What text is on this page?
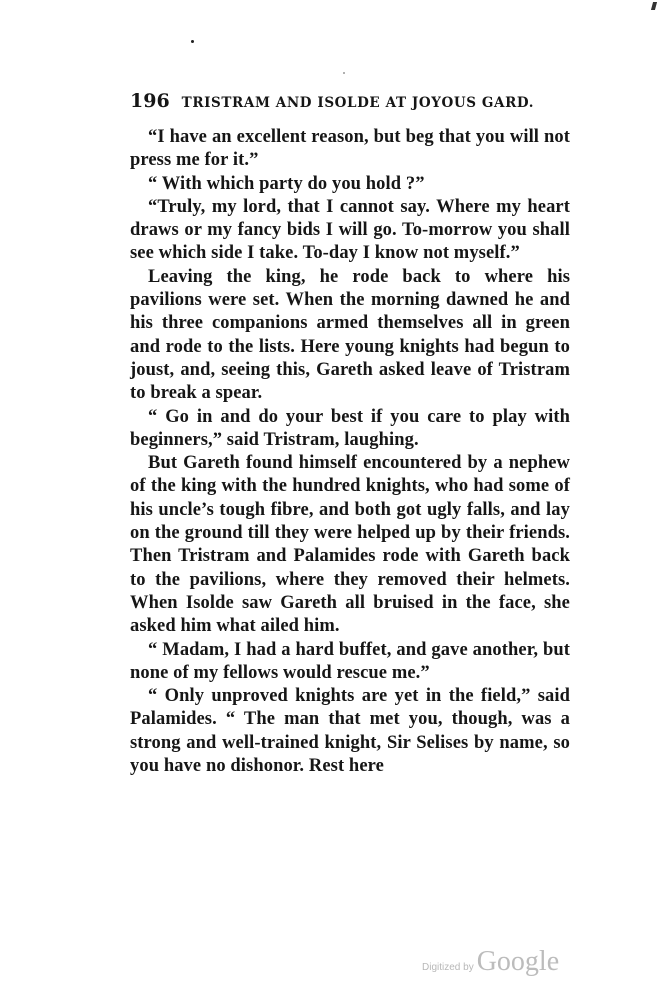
196 TRISTRAM AND ISOLDE AT JOYOUS GARD.

“I have an excellent reason, but beg that you will not press me for it.”

“ With which party do you hold ?”

“Truly, my lord, that I cannot say. Where my heart draws or my fancy bids I will go. To-morrow you shall see which side I take. To-day I know not myself.”

Leaving the king, he rode back to where his pavilions were set. When the morning dawned he and his three companions armed themselves all in green and rode to the lists. Here young knights had begun to joust, and, seeing this, Gareth asked leave of Tristram to break a spear.

“ Go in and do your best if you care to play with beginners,” said Tristram, laughing.

But Gareth found himself encountered by a nephew of the king with the hundred knights, who had some of his uncle’s tough fibre, and both got ugly falls, and lay on the ground till they were helped up by their friends. Then Tristram and Palamides rode with Gareth back to the pavilions, where they removed their helmets. When Isolde saw Gareth all bruised in the face, she asked him what ailed him.

“ Madam, I had a hard buffet, and gave another, but none of my fellows would rescue me.”

“ Only unproved knights are yet in the field,” said Palamides. “ The man that met you, though, was a strong and well-trained knight, Sir Selises by name, so you have no dishonor. Rest here

Digitized by Google
